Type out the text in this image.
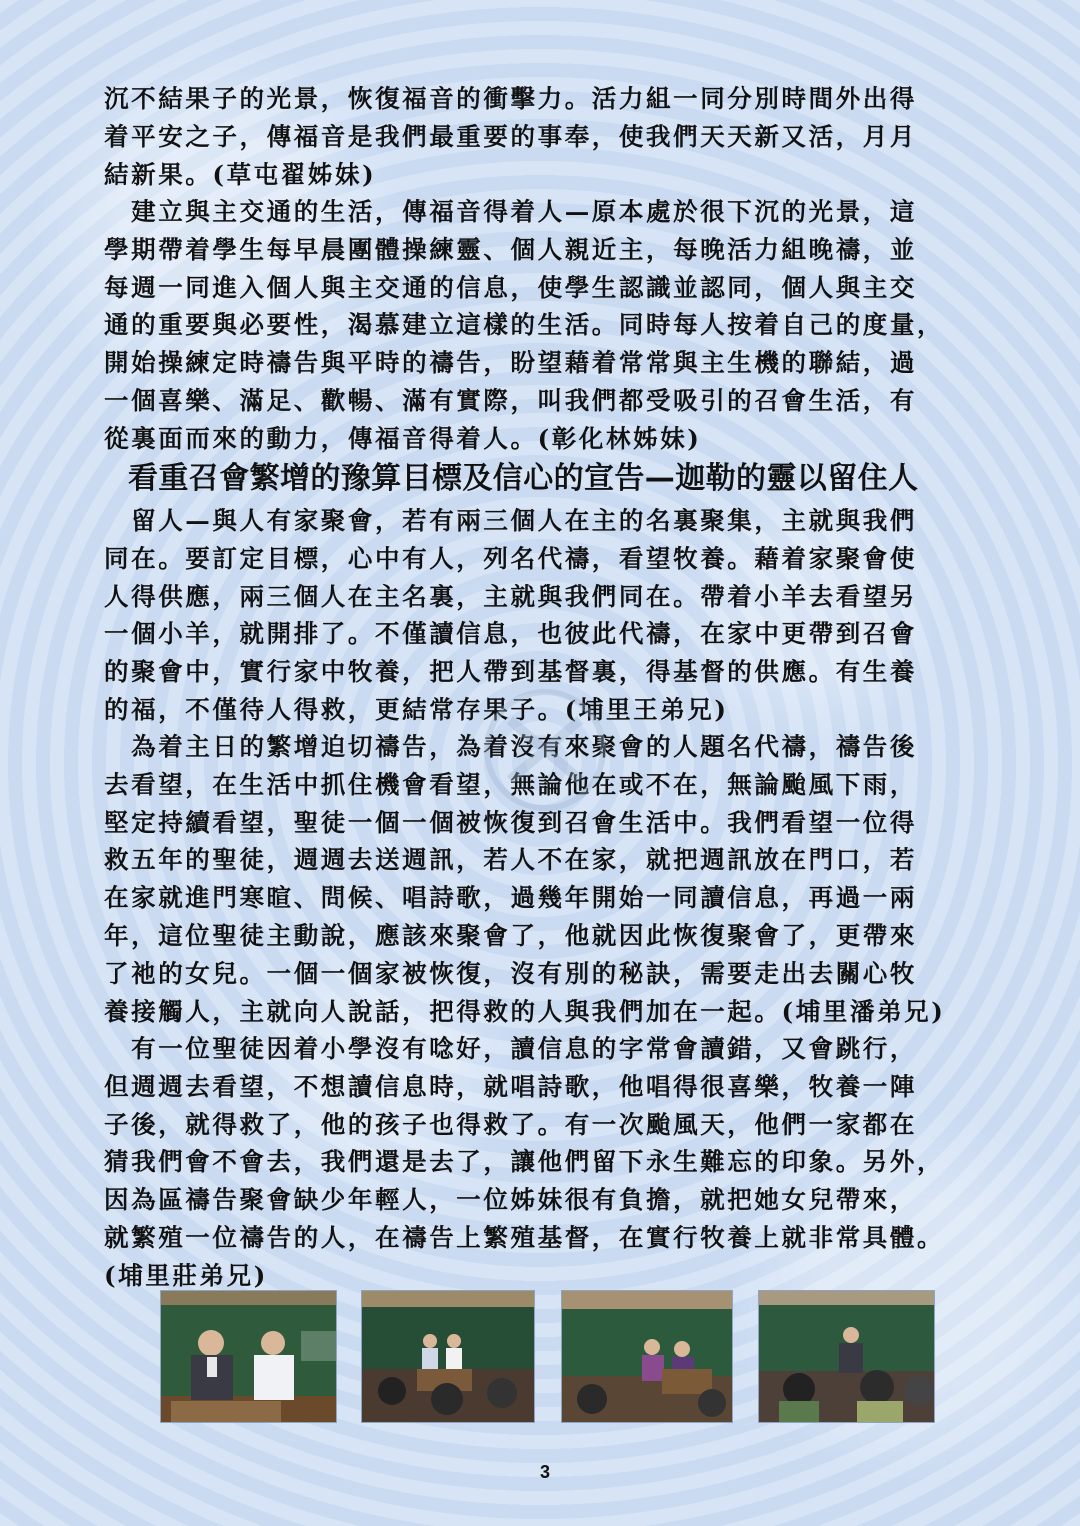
沉不結果子的光景，恢復福音的衝擊力。活力組一同分別時間外出得
着平安之子，傳福音是我們最重要的事奉，使我們天天新又活，月月
結新果。(草屯翟姊妹)
　建立與主交通的生活，傳福音得着人—原本處於很下沉的光景，這
學期帶着學生每早晨團體操練靈、個人親近主，每晚活力組晚禱，並
每週一同進入個人與主交通的信息，使學生認識並認同，個人與主交
通的重要與必要性，渴慕建立這樣的生活。同時每人按着自己的度量，
開始操練定時禱告與平時的禱告，盼望藉着常常與主生機的聯結，過
一個喜樂、滿足、歡暢、滿有實際，叫我們都受吸引的召會生活，有
從裏面而來的動力，傳福音得着人。(彰化林姊妹)
看重召會繁增的豫算目標及信心的宣告—迦勒的靈以留住人
　留人—與人有家聚會，若有兩三個人在主的名裏聚集，主就與我們
同在。要訂定目標，心中有人，列名代禱，看望牧養。藉着家聚會使
人得供應，兩三個人在主名裏，主就與我們同在。帶着小羊去看望另
一個小羊，就開排了。不僅讀信息，也彼此代禱，在家中更帶到召會
的聚會中，實行家中牧養，把人帶到基督裏，得基督的供應。有生養
的福，不僅待人得救，更結常存果子。(埔里王弟兄)
　為着主日的繁增迫切禱告，為着沒有來聚會的人題名代禱，禱告後
去看望，在生活中抓住機會看望，無論他在或不在，無論颱風下雨，
堅定持續看望，聖徒一個一個被恢復到召會生活中。我們看望一位得
救五年的聖徒，週週去送週訊，若人不在家，就把週訊放在門口，若
在家就進門寒暄、問候、唱詩歌，過幾年開始一同讀信息，再過一兩
年，這位聖徒主動說，應該來聚會了，他就因此恢復聚會了，更帶來
了祂的女兒。一個一個家被恢復，沒有別的秘訣，需要走出去關心牧
養接觸人，主就向人說話，把得救的人與我們加在一起。(埔里潘弟兄)
　有一位聖徒因着小學沒有唸好，讀信息的字常會讀錯，又會跳行，
但週週去看望，不想讀信息時，就唱詩歌，他唱得很喜樂，牧養一陣
子後，就得救了，他的孩子也得救了。有一次颱風天，他們一家都在
猜我們會不會去，我們還是去了，讓他們留下永生難忘的印象。另外，
因為區禱告聚會缺少年輕人，一位姊妹很有負擔，就把她女兒帶來，
就繁殖一位禱告的人，在禱告上繁殖基督，在實行牧養上就非常具體。
(埔里莊弟兄)
3
